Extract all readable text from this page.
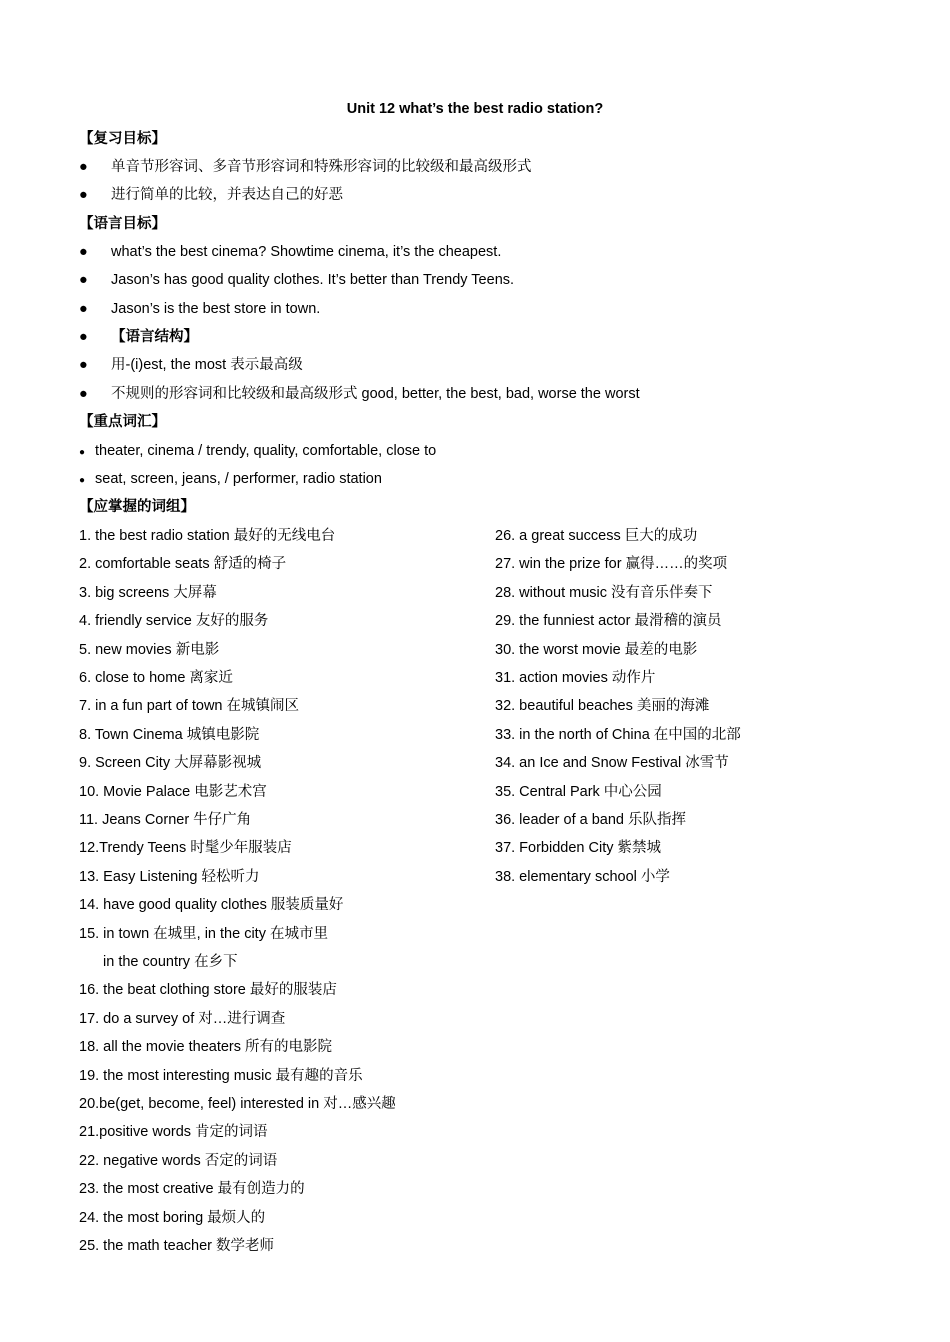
Unit 12 what’s the best radio station?
【复习目标】
● 单音节形容词、多音节形容词和特殊形容词的比较级和最高级形式
● 进行简单的比较，并表达自己的好恶
【语言目标】
● what’s the best cinema? Showtime cinema, it’s the cheapest.
● Jason’s has good quality clothes. It’s better than Trendy Teens.
● Jason’s is the best store in town.
● 【语言结构】
● 用-(i)est, the most 表示最高级
● 不规则的形容词和比较级和最高级形式 good, better, the best, bad, worse the worst
【重点词汇】
● theater, cinema / trendy, quality, comfortable, close to
● seat, screen, jeans, / performer, radio station
【应掌握的词组】
1. the best radio station 最好的无线电台
2. comfortable seats 舒适的椅子
3. big screens 大屏幕
4. friendly service 友好的服务
5. new movies 新电影
6. close to home 离家近
7. in a fun part of town 在城镇闹区
8. Town Cinema 城镇电影院
9. Screen City 大屏幕影视城
10. Movie Palace 电影艺术宫
11. Jeans Corner 牛仔广角
12.Trendy Teens 时髦少年服装店
13. Easy Listening 轻松听力
14. have good quality clothes 服装质量好
15. in town 在城里, in the city 在城市里
in the country 在乡下
16. the beat clothing store 最好的服装店
17. do a survey of 对…进行调查
18. all the movie theaters 所有的电影院
19. the most interesting music 最有趣的音乐
20.be(get, become, feel) interested in 对…感兴趣
21.positive words 肯定的词语
22. negative words 否定的词语
23. the most creative 最有创造力的
24. the most boring 最烦人的
25. the math teacher 数学老师
26. a great success 巨大的成功
27. win the prize for 赢得……的奖项
28. without music 没有音乐伴奏下
29. the funniest actor 最滑稽的演员
30. the worst movie 最差的电影
31. action movies 动作片
32. beautiful beaches 美丽的海滩
33. in the north of China 在中国的北部
34. an Ice and Snow Festival 冰雪节
35. Central Park 中心公园
36. leader of a band 乐队指挥
37. Forbidden City 紫禁城
38. elementary school 小学
